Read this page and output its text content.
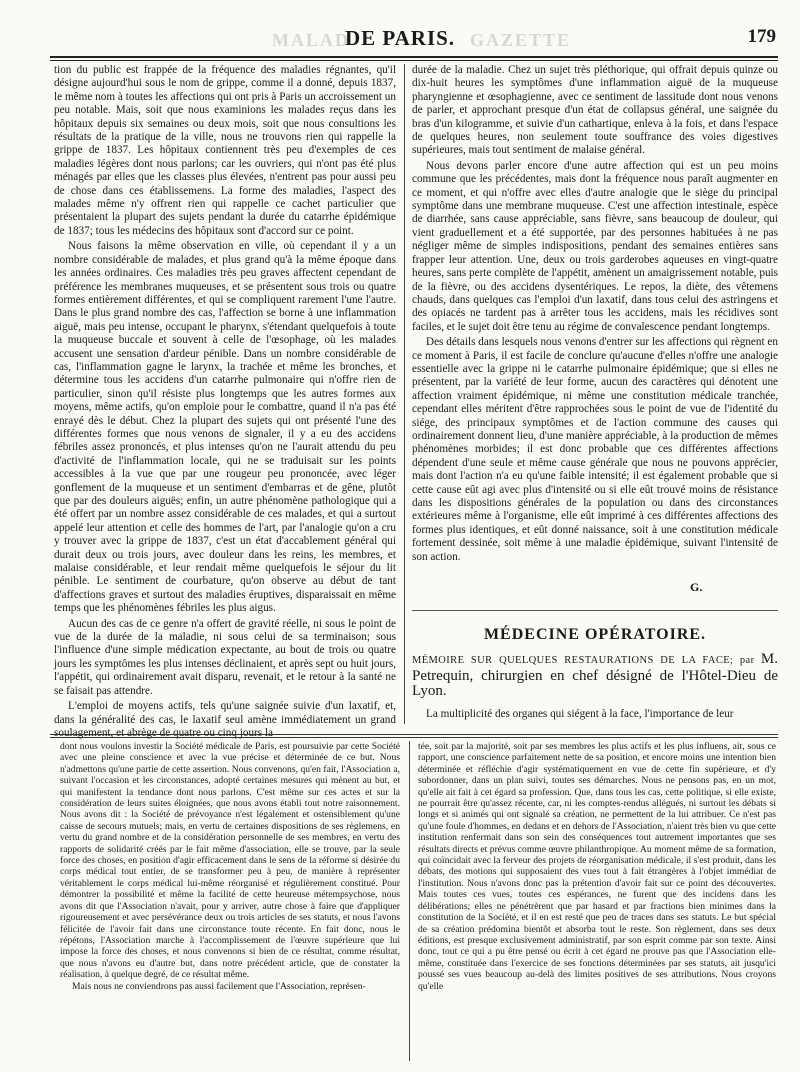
MALAD
DE PARIS. GAZETTE	179

tion du public est frappée de la fréquence des maladies régnantes, qu'il désigne aujourd'hui sous le nom de grippe, comme il a donné, depuis 1837, le même nom à toutes les affections qui ont pris à Paris un accroissement un peu notable. Mais, soit que nous examinions les malades reçus dans les hôpitaux depuis six semaines ou deux mois, soit que nous consultions les résultats de la pratique de la ville, nous ne trouvons rien qui rappelle la grippe de 1837. Les hôpitaux contiennent très peu d'exemples de ces maladies légères dont nous parlons; car les ouvriers, qui n'ont pas été plus ménagés par elles que les classes plus élevées, n'entrent pas pour aussi peu de chose dans ces établissemens. La forme des maladies, l'aspect des malades même n'y offrent rien qui rappelle ce cachet particulier que présentaient la plupart des sujets pendant la durée du catarrhe épidémique de 1837; tous les médecins des hôpitaux sont d'accord sur ce point.

Nous faisons la même observation en ville, où cependant il y a un nombre considérable de malades, et plus grand qu'à la même époque dans les années ordinaires. Ces maladies très peu graves affectent cependant de préférence les membranes muqueuses, et se présentent sous trois ou quatre formes entièrement différentes, et qui se compliquent rarement l'une l'autre. Dans le plus grand nombre des cas, l'affection se borne à une inflammation aiguë, mais peu intense, occupant le pharynx, s'étendant quelquefois à toute la muqueuse buccale et souvent à celle de l'œsophage, où les malades accusent une sensation d'ardeur pénible. Dans un nombre considérable de cas, l'inflammation gagne le larynx, la trachée et même les bronches, et détermine tous les accidens d'un catarrhe pulmonaire qui n'offre rien de particulier, sinon qu'il résiste plus longtemps que les autres formes aux moyens, même actifs, qu'on emploie pour le combattre, quand il n'a pas été enrayé dès le début. Chez la plupart des sujets qui ont présenté l'une des différentes formes que nous venons de signaler, il y a eu des accidens fébriles assez prononcés, et plus intenses qu'on ne l'aurait attendu du peu d'activité de l'inflammation locale, qui ne se traduisait sur les points accessibles à la vue que par une rougeur peu prononcée, avec léger gonflement de la muqueuse et un sentiment d'embarras et de gêne, plutôt que par des douleurs aiguës; enfin, un autre phénomène pathologique qui a été offert par un nombre assez considérable de ces malades, et qui a surtout appelé leur attention et celle des hommes de l'art, par l'analogie qu'on a cru y trouver avec la grippe de 1837, c'est un état d'accablement général qui durait deux ou trois jours, avec douleur dans les reins, les membres, et malaise considérable, et leur rendait même quelquefois le séjour du lit pénible. Le sentiment de courbature, qu'on observe au début de tant d'affections graves et surtout des maladies éruptives, disparaissait en même temps que les phénomènes fébriles les plus aigus.

Aucun des cas de ce genre n'a offert de gravité réelle, ni sous le point de vue de la durée de la maladie, ni sous celui de sa terminaison; sous l'influence d'une simple médication expectante, au bout de trois ou quatre jours les symptômes les plus intenses déclinaient, et après sept ou huit jours, l'appétit, qui ordinairement avait disparu, revenait, et le retour à la santé ne se faisait pas attendre.

L'emploi de moyens actifs, tels qu'une saignée suivie d'un laxatif, et, dans la généralité des cas, le laxatif seul amène immédiatement un grand soulagement, et abrège de quatre ou cinq jours la

durée de la maladie. Chez un sujet très pléthorique, qui offrait depuis quinze ou dix-huit heures les symptômes d'une inflammation aiguë de la muqueuse pharyngienne et œsophagienne, avec ce sentiment de lassitude dont nous venons de parler, et approchant presque d'un état de collapsus général, une saignée du bras d'un kilogramme, et suivie d'un cathartique, enleva à la fois, et dans l'espace de quelques heures, non seulement toute souffrance des voies digestives supérieures, mais tout sentiment de malaise général.

Nous devons parler encore d'une autre affection qui est un peu moins commune que les précédentes, mais dont la fréquence nous paraît augmenter en ce moment, et qui n'offre avec elles d'autre analogie que le siège du principal symptôme dans une membrane muqueuse. C'est une affection intestinale, espèce de diarrhée, sans cause appréciable, sans fièvre, sans beaucoup de douleur, qui vient graduellement et a été supportée, par des personnes habituées à ne pas négliger même de simples indispositions, pendant des semaines entières sans frapper leur attention. Une, deux ou trois garderobes aqueuses en vingt-quatre heures, sans perte complète de l'appétit, amènent un amaigrissement notable, puis de la fièvre, ou des accidens dysentériques. Le repos, la diète, des vêtemens chauds, dans quelques cas l'emploi d'un laxatif, dans tous celui des astringens et des opiacés ne tardent pas à arrêter tous les accidens, mais les récidives sont faciles, et le sujet doit être tenu au régime de convalescence pendant longtemps.

Des détails dans lesquels nous venons d'entrer sur les affections qui règnent en ce moment à Paris, il est facile de conclure qu'aucune d'elles n'offre une analogie essentielle avec la grippe ni le catarrhe pulmonaire épidémique; que si elles ne présentent, par la variété de leur forme, aucun des caractères qui dénotent une affection vraiment épidémique, ni même une constitution médicale tranchée, cependant elles méritent d'être rapprochées sous le point de vue de l'identité du siége, des principaux symptômes et de l'action commune des causes qui ordinairement donnent lieu, d'une manière appréciable, à la production de mêmes phénomènes morbides; il est donc probable que ces différentes affections dépendent d'une seule et même cause générale que nous ne pouvons apprécier, mais dont l'action n'a eu qu'une faible intensité; il est également probable que si cette cause eût agi avec plus d'intensité ou si elle eût trouvé moins de résistance dans les dispositions générales de la population ou dans des circonstances extérieures même à l'organisme, elle eût imprimé à ces différentes affections des formes plus identiques, et eût donné naissance, soit à une constitution médicale fortement dessinée, soit même à une maladie épidémique, suivant l'intensité de son action.

G.
MÉDECINE OPÉRATOIRE.
MÉMOIRE SUR QUELQUES RESTAURATIONS DE LA FACE; par M. Petrequin, chirurgien en chef désigné de l'Hôtel-Dieu de Lyon.
La multiplicité des organes qui siégent à la face, l'importance de leur

dont nous voulons investir la Société médicale de Paris, est poursuivie par cette Société avec une pleine conscience et avec la vue précise et déterminée de ce but. Nous n'admettons qu'une partie de cette assertion. Nous convenons, qu'en fait, l'Association a, suivant l'occasion et les circonstances, adopté certaines mesures qui mènent au but, et qui manifestent la tendance dont nous parlons. C'est même sur ces actes et sur la considération de leurs suites éloignées, que nous avons établi tout notre raisonnement. Nous avons dit : la Société de prévoyance n'est légalement et ostensiblement qu'une caisse de secours mutuels; mais, en vertu de certaines dispositions de ses règlemens, en vertu du grand nombre et de la considération personnelle de ses membres, en vertu des rapports de solidarité créés par le fait même d'association, elle se trouve, par la seule force des choses, en position d'agir efficacement dans le sens de la réforme si désirée du corps médical tout entier, de se transformer peu à peu, de manière à représenter véritablement le corps médical lui-même réorganisé et régulièrement constitué. Pour démontrer la possibilité et même la facilité de cette heureuse métempsychose, nous avons dit que l'Association n'avait, pour y arriver, autre chose à faire que d'appliquer rigoureusement et avec persévérance deux ou trois articles de ses statuts, et nous l'avons félicitée de l'avoir fait dans une circonstance toute récente. En fait donc, nous le répétons, l'Association marche à l'accomplissement de l'œuvre supérieure que lui impose la force des choses, et nous convenons si bien de ce résultat, comme résultat, que nous n'avons eu d'autre but, dans notre précédent article, que de constater la réalisation, à quelque degré, de ce résultat même.

Mais nous ne conviendrons pas aussi facilement que l'Association, représen-

tée, soit par la majorité, soit par ses membres les plus actifs et les plus influens, ait, sous ce rapport, une conscience parfaitement nette de sa position, et encore moins une intention bien déterminée et réfléchie d'agir systématiquement en vue de cette fin supérieure, et d'y subordonner, dans un plan suivi, toutes ses démarches. Nous ne pensons pas, en un mot, qu'elle ait fait à cet égard sa profession. Que, dans tous les cas, cette politique, si elle existe, ne pourrait être qu'assez récente, car, ni les comptes-rendus allégués, ni surtout les débats si longs et si animés qui ont signalé sa création, ne permettent de la lui attribuer. Ce n'est pas qu'une foule d'hommes, en dedans et en dehors de l'Association, n'aient très bien vu que cette institution renfermait dans son sein des conséquences tout autrement importantes que ses résultats directs et prévus comme œuvre philanthropique. Au moment même de sa formation, qui coïncidait avec la ferveur des projets de réorganisation médicale, il s'est produit, dans les débats, des motions qui supposaient des vues tout à fait étrangères à l'objet immédiat de l'institution. Nous n'avons donc pas la prétention d'avoir fait sur ce point des découvertes. Mais toutes ces vues, toutes ces espérances, ne furent que des incidens dans les délibérations; elles ne pénétrèrent que par hasard et par fractions bien minimes dans la constitution de la Société, et il en est resté que peu de traces dans ses statuts. Le but spécial de sa création prédomina bientôt et absorba tout le reste. Son règlement, dans ses deux éditions, est presque exclusivement administratif, par son esprit comme par son texte. Ainsi donc, tout ce qui a pu être pensé ou écrit à cet égard ne prouve pas que l'Association elle-même, constituée dans l'exercice de ses fonctions déterminées par ses statuts, ait jusqu'ici poussé ses vues beaucoup au-delà des limites positives de ses attributions. Nous croyons qu'elle
